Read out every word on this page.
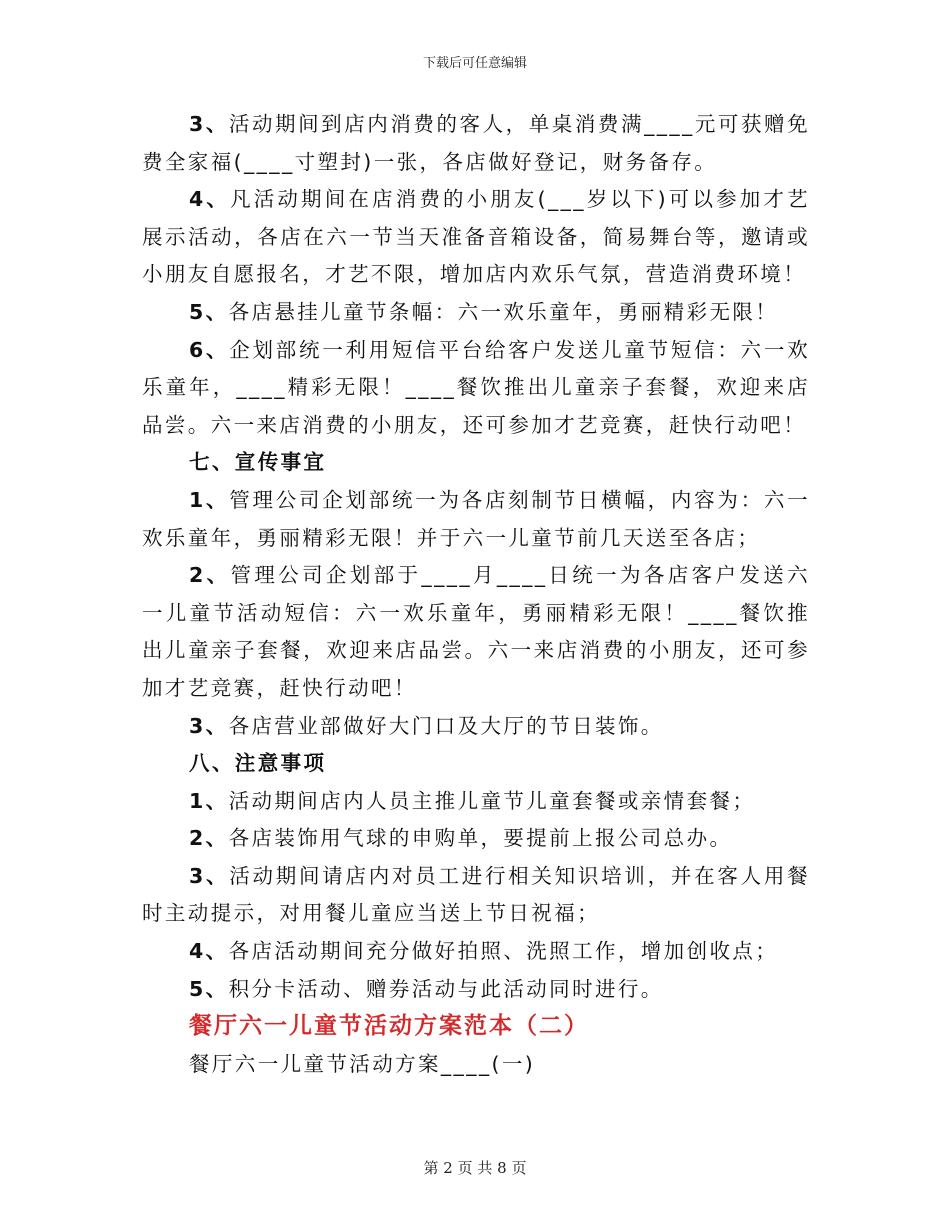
下载后可任意编辑

3、活动期间到店内消费的客人，单桌消费满____元可获赠免费全家福(____寸塑封)一张，各店做好登记，财务备存。

4、凡活动期间在店消费的小朋友(___岁以下)可以参加才艺展示活动，各店在六一节当天准备音箱设备，简易舞台等，邀请或小朋友自愿报名，才艺不限，增加店内欢乐气氛，营造消费环境！

5、各店悬挂儿童节条幅：六一欢乐童年，勇丽精彩无限！

6、企划部统一利用短信平台给客户发送儿童节短信：六一欢乐童年，____精彩无限！____餐饮推出儿童亲子套餐，欢迎来店品尝。六一来店消费的小朋友，还可参加才艺竞赛，赶快行动吧！

七、宣传事宜

1、管理公司企划部统一为各店刻制节日横幅，内容为：六一欢乐童年，勇丽精彩无限！并于六一儿童节前几天送至各店；

2、管理公司企划部于____月____日统一为各店客户发送六一儿童节活动短信：六一欢乐童年，勇丽精彩无限！____餐饮推出儿童亲子套餐，欢迎来店品尝。六一来店消费的小朋友，还可参加才艺竞赛，赶快行动吧！

3、各店营业部做好大门口及大厅的节日装饰。

八、注意事项

1、活动期间店内人员主推儿童节儿童套餐或亲情套餐；

2、各店装饰用气球的申购单，要提前上报公司总办。

3、活动期间请店内对员工进行相关知识培训，并在客人用餐时主动提示，对用餐儿童应当送上节日祝福；

4、各店活动期间充分做好拍照、洗照工作，增加创收点；

5、积分卡活动、赠券活动与此活动同时进行。

餐厅六一儿童节活动方案范本（二）

餐厅六一儿童节活动方案____(一)

第 2 页 共 8 页
